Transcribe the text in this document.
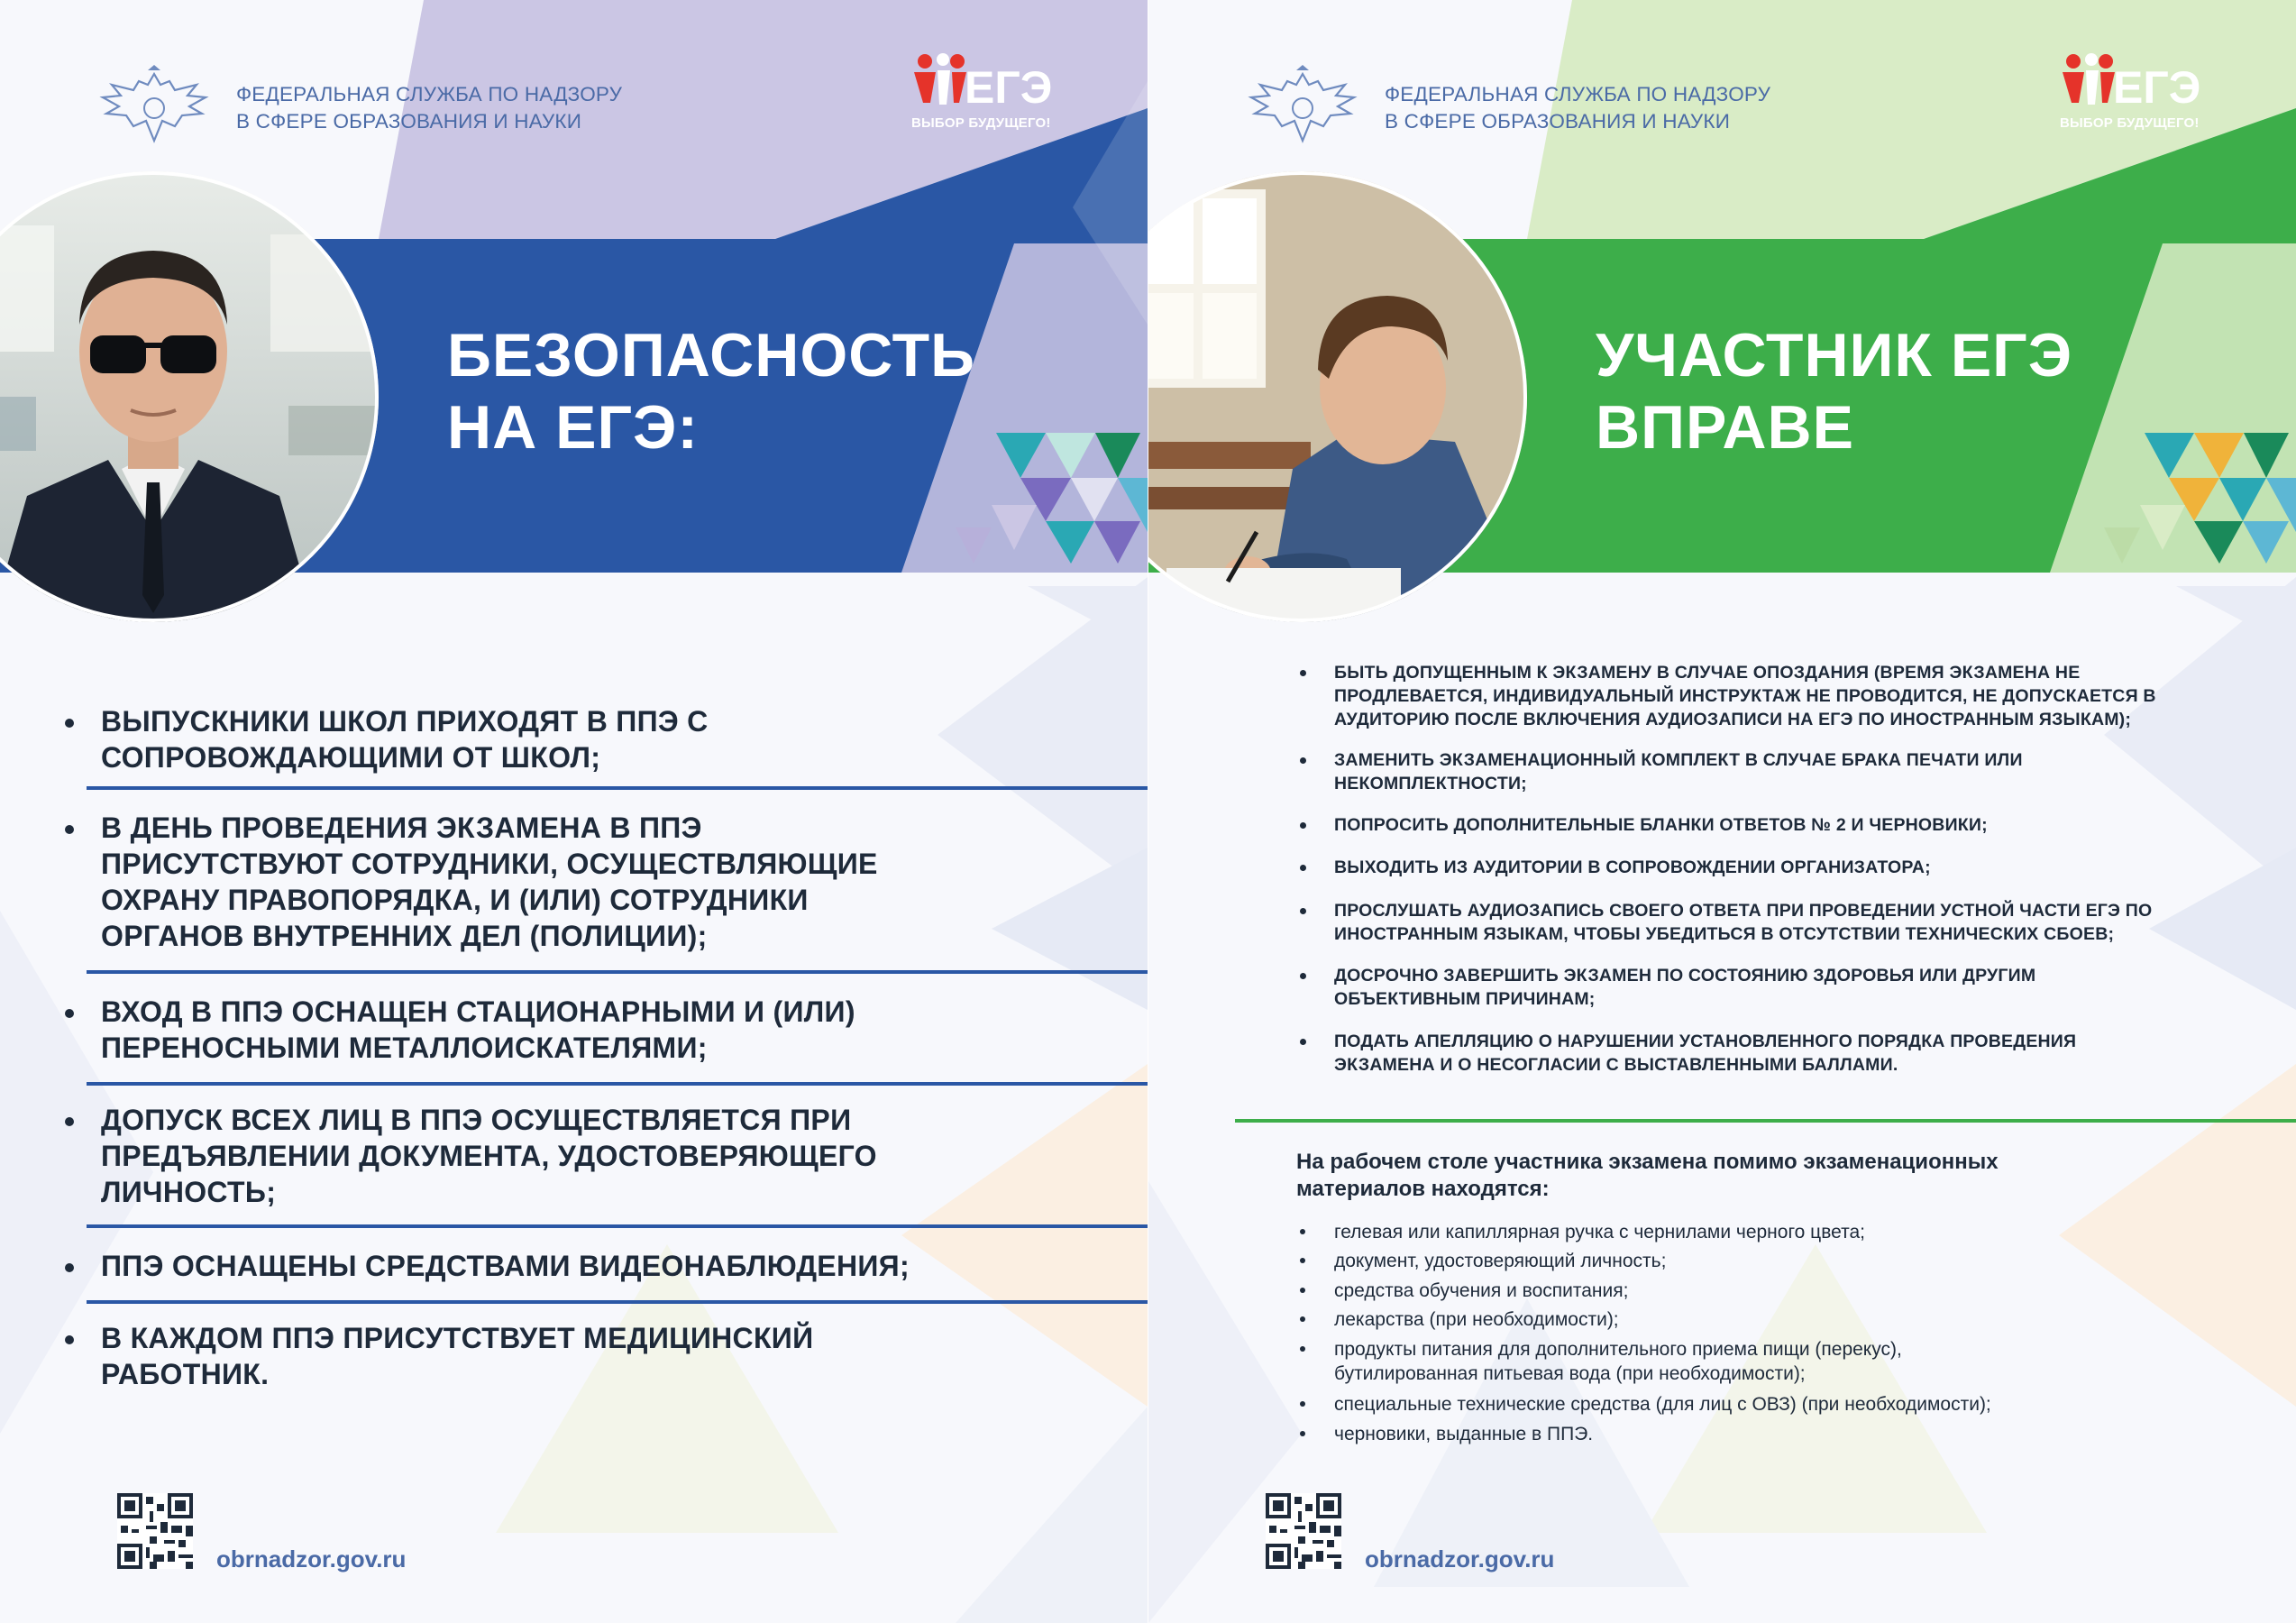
ФЕДЕРАЛЬНАЯ СЛУЖБА ПО НАДЗОРУ
В СФЕРЕ ОБРАЗОВАНИЯ И НАУКИ
ЕГЭ
ВЫБОР БУДУЩЕГО!
БЕЗОПАСНОСТЬ
НА ЕГЭ:
ВЫПУСКНИКИ ШКОЛ ПРИХОДЯТ В ППЭ С
СОПРОВОЖДАЮЩИМИ ОТ ШКОЛ;
В ДЕНЬ ПРОВЕДЕНИЯ ЭКЗАМЕНА В ППЭ
ПРИСУТСТВУЮТ СОТРУДНИКИ, ОСУЩЕСТВЛЯЮЩИЕ
ОХРАНУ ПРАВОПОРЯДКА, И (ИЛИ) СОТРУДНИКИ
ОРГАНОВ ВНУТРЕННИХ ДЕЛ (ПОЛИЦИИ);
ВХОД В ППЭ ОСНАЩЕН СТАЦИОНАРНЫМИ И (ИЛИ)
ПЕРЕНОСНЫМИ МЕТАЛЛОИСКАТЕЛЯМИ;
ДОПУСК ВСЕХ ЛИЦ В ППЭ ОСУЩЕСТВЛЯЕТСЯ ПРИ
ПРЕДЪЯВЛЕНИИ ДОКУМЕНТА, УДОСТОВЕРЯЮЩЕГО
ЛИЧНОСТЬ;
ППЭ ОСНАЩЕНЫ СРЕДСТВАМИ ВИДЕОНАБЛЮДЕНИЯ;
В КАЖДОМ ППЭ ПРИСУТСТВУЕТ МЕДИЦИНСКИЙ
РАБОТНИК.
obrnadzor.gov.ru
ФЕДЕРАЛЬНАЯ СЛУЖБА ПО НАДЗОРУ
В СФЕРЕ ОБРАЗОВАНИЯ И НАУКИ
ЕГЭ
ВЫБОР БУДУЩЕГО!
УЧАСТНИК ЕГЭ
ВПРАВЕ
БЫТЬ ДОПУЩЕННЫМ К ЭКЗАМЕНУ В СЛУЧАЕ ОПОЗДАНИЯ (ВРЕМЯ ЭКЗАМЕНА НЕ
ПРОДЛЕВАЕТСЯ, ИНДИВИДУАЛЬНЫЙ ИНСТРУКТАЖ НЕ ПРОВОДИТСЯ, НЕ ДОПУСКАЕТСЯ В
АУДИТОРИЮ ПОСЛЕ ВКЛЮЧЕНИЯ АУДИОЗАПИСИ НА ЕГЭ ПО ИНОСТРАННЫМ ЯЗЫКАМ);
ЗАМЕНИТЬ ЭКЗАМЕНАЦИОННЫЙ КОМПЛЕКТ В СЛУЧАЕ БРАКА ПЕЧАТИ ИЛИ
НЕКОМПЛЕКТНОСТИ;
ПОПРОСИТЬ ДОПОЛНИТЕЛЬНЫЕ БЛАНКИ ОТВЕТОВ № 2 И ЧЕРНОВИКИ;
ВЫХОДИТЬ ИЗ АУДИТОРИИ В СОПРОВОЖДЕНИИ ОРГАНИЗАТОРА;
ПРОСЛУШАТЬ АУДИОЗАПИСЬ СВОЕГО ОТВЕТА ПРИ ПРОВЕДЕНИИ УСТНОЙ ЧАСТИ ЕГЭ ПО
ИНОСТРАННЫМ ЯЗЫКАМ, ЧТОБЫ УБЕДИТЬСЯ В ОТСУТСТВИИ ТЕХНИЧЕСКИХ СБОЕВ;
ДОСРОЧНО ЗАВЕРШИТЬ ЭКЗАМЕН ПО СОСТОЯНИЮ ЗДОРОВЬЯ ИЛИ ДРУГИМ
ОБЪЕКТИВНЫМ ПРИЧИНАМ;
ПОДАТЬ АПЕЛЛЯЦИЮ О НАРУШЕНИИ УСТАНОВЛЕННОГО ПОРЯДКА ПРОВЕДЕНИЯ
ЭКЗАМЕНА И О НЕСОГЛАСИИ С ВЫСТАВЛЕННЫМИ БАЛЛАМИ.
На рабочем столе участника экзамена помимо экзаменационных
материалов находятся:
гелевая или капиллярная ручка с чернилами черного цвета;
документ, удостоверяющий личность;
средства обучения и воспитания;
лекарства (при необходимости);
продукты питания для дополнительного приема пищи (перекус),
бутилированная питьевая вода (при необходимости);
специальные технические средства (для лиц с ОВЗ) (при необходимости);
черновики, выданные в ППЭ.
obrnadzor.gov.ru
